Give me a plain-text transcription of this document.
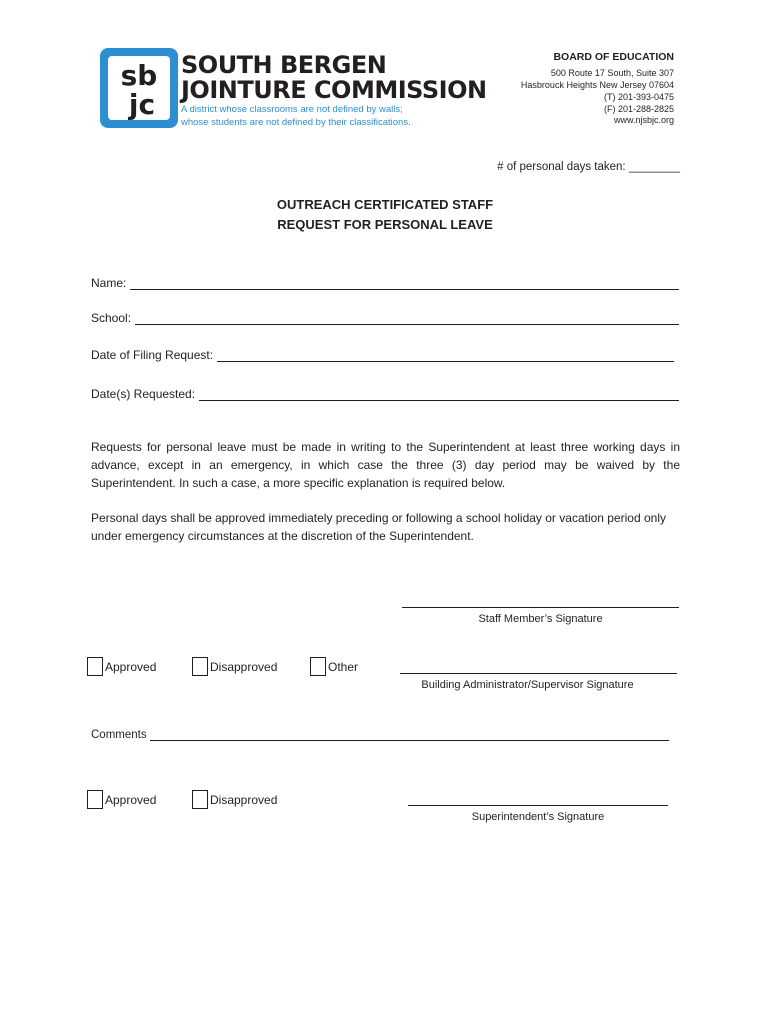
sb
jc
SOUTH BERGEN
JOINTURE COMMISSION
A district whose classrooms are not defined by walls;
whose students are not defined by their classifications.
BOARD OF EDUCATION
500 Route 17 South, Suite 307
Hasbrouck Heights New Jersey 07604
(T) 201-393-0475
(F) 201-288-2825
www.njsbjc.org
# of personal days taken: ________
OUTREACH CERTIFICATED STAFF
REQUEST FOR PERSONAL LEAVE
Name:
School:
Date of Filing Request:
Date(s) Requested:
Requests for personal leave must be made in writing to the Superintendent at least three working days in advance, except in an emergency, in which case the three (3) day period may be waived by the Superintendent. In such a case, a more specific explanation is required below.
Personal days shall be approved immediately preceding or following a school holiday or vacation period only under emergency circumstances at the discretion of the Superintendent.
Staff Member’s Signature
Approved	Disapproved	Other
Building Administrator/Supervisor Signature
Comments
Approved	Disapproved
Superintendent’s Signature
